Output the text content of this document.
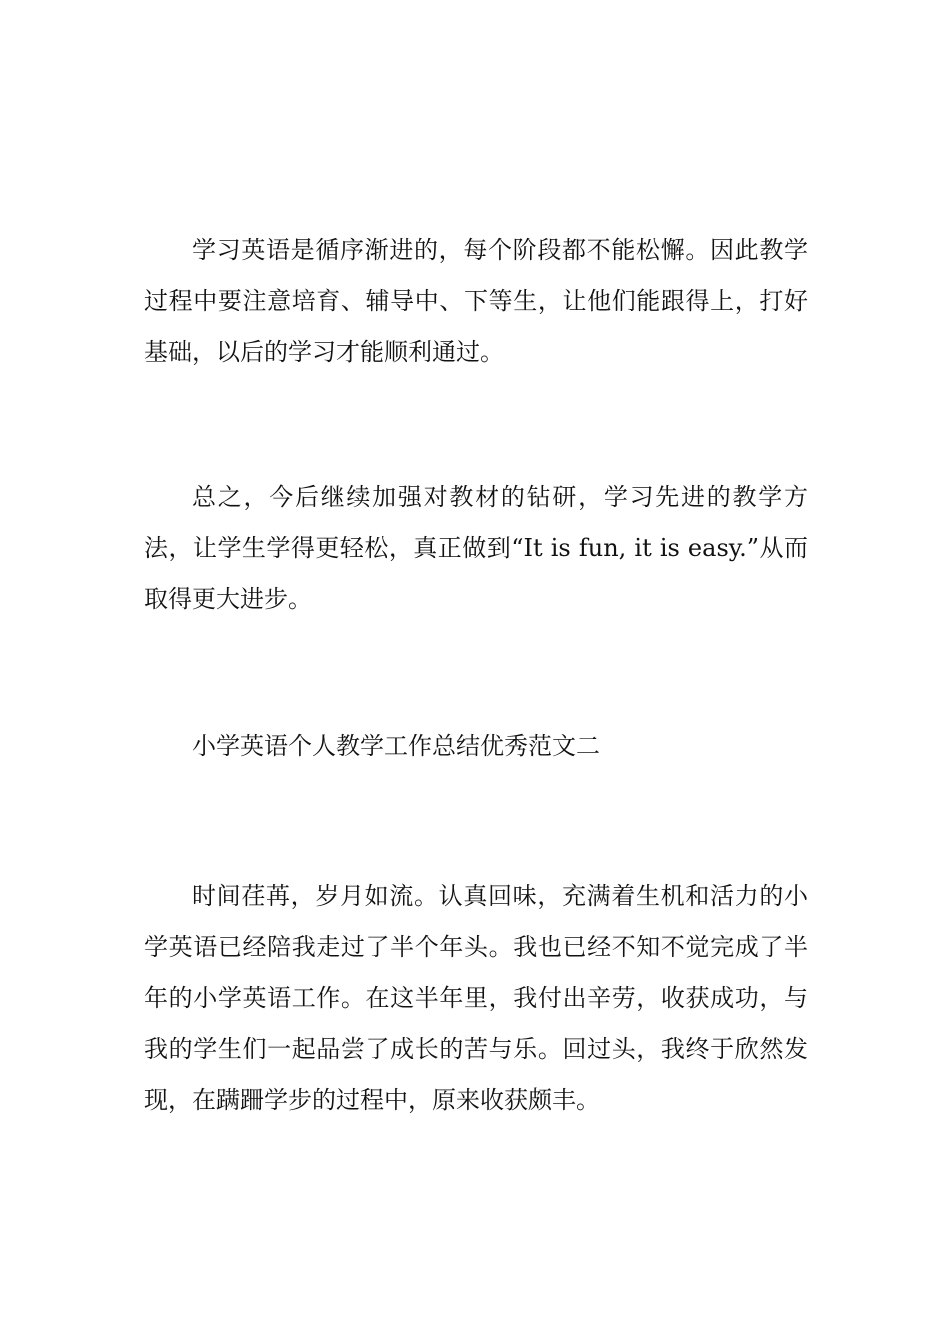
学习英语是循序渐进的，每个阶段都不能松懈。因此教学过程中要注意培育、辅导中、下等生，让他们能跟得上，打好基础，以后的学习才能顺利通过。

总之，今后继续加强对教材的钻研，学习先进的教学方法，让学生学得更轻松，真正做到“It is fun, it is easy.”从而取得更大进步。

小学英语个人教学工作总结优秀范文二

时间荏苒，岁月如流。认真回味，充满着生机和活力的小学英语已经陪我走过了半个年头。我也已经不知不觉完成了半年的小学英语工作。在这半年里，我付出辛劳，收获成功，与我的学生们一起品尝了成长的苦与乐。回过头，我终于欣然发现，在蹒跚学步的过程中，原来收获颇丰。
